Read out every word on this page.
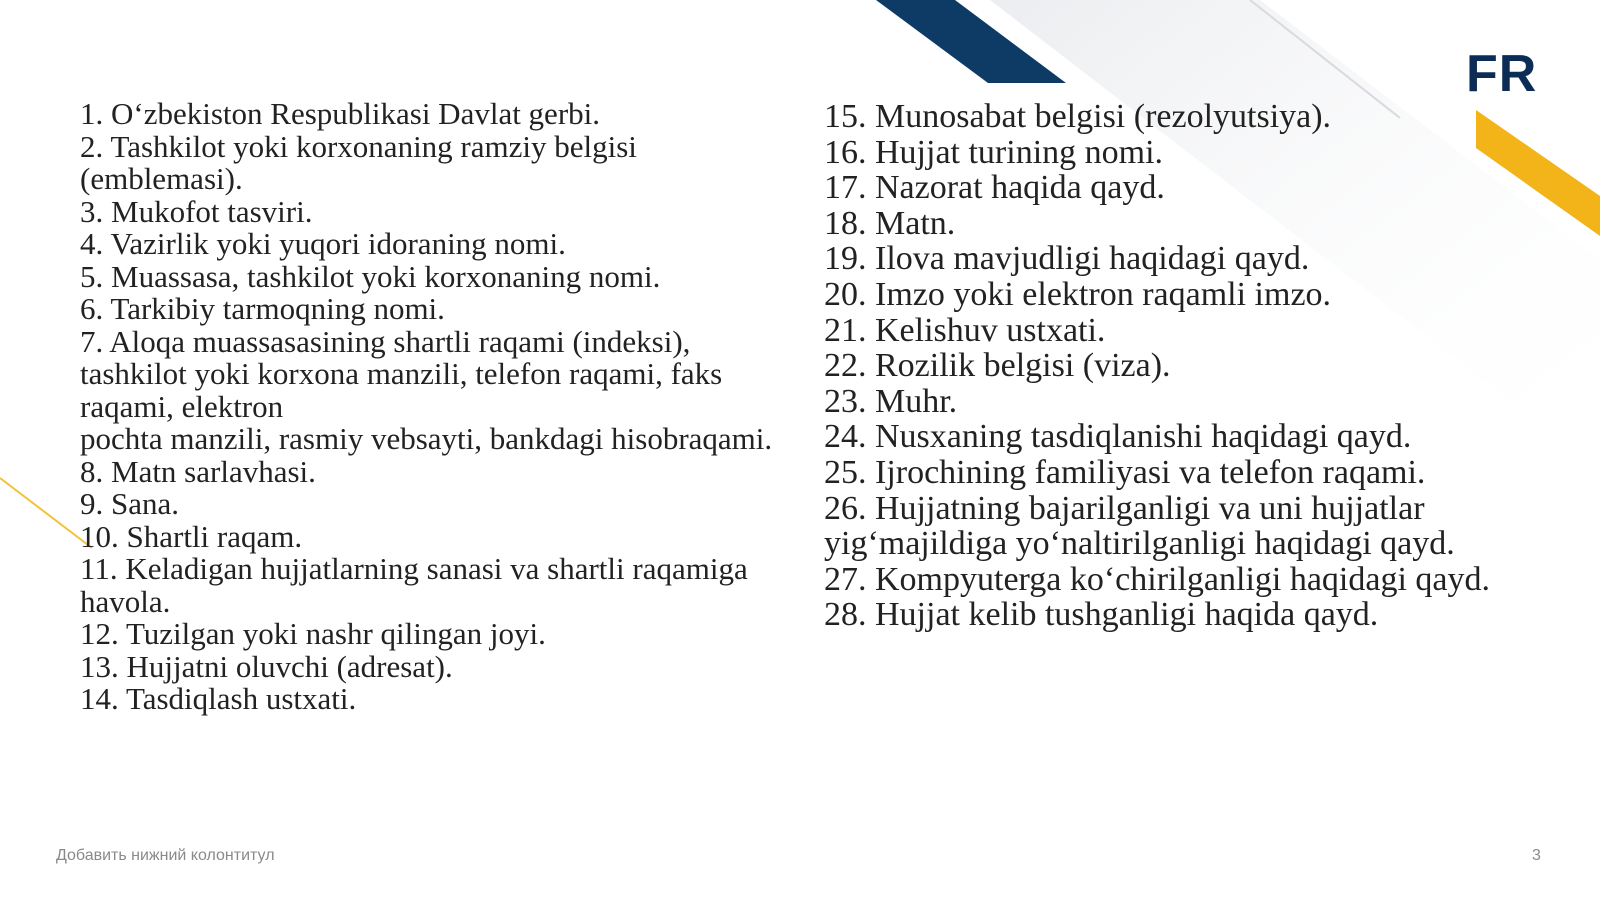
FR
1. O‘zbekiston Respublikasi Davlat gerbi.
2. Tashkilot yoki korxonaning ramziy belgisi (emblemasi).
3. Mukofot tasviri.
4. Vazirlik yoki yuqori idoraning nomi.
5. Muassasa, tashkilot yoki korxonaning nomi.
6. Tarkibiy tarmoqning nomi.
7. Aloqa muassasasining shartli raqami (indeksi), tashkilot yoki korxona manzili, telefon raqami, faks raqami, elektron
pochta manzili, rasmiy vebsayti, bankdagi hisobraqami.
8. Matn sarlavhasi.
9. Sana.
10. Shartli raqam.
11. Keladigan hujjatlarning sanasi va shartli raqamiga havola.
12. Tuzilgan yoki nashr qilingan joyi.
13. Hujjatni oluvchi (adresat).
14. Tasdiqlash ustxati.
15. Munosabat belgisi (rezolyutsiya).
16. Hujjat turining nomi.
17. Nazorat haqida qayd.
18. Matn.
19. Ilova mavjudligi haqidagi qayd.
20. Imzo yoki elektron raqamli imzo.
21. Kelishuv ustxati.
22. Rozilik belgisi (viza).
23. Muhr.
24. Nusxaning tasdiqlanishi haqidagi qayd.
25. Ijrochining familiyasi va telefon raqami.
26. Hujjatning bajarilganligi va uni hujjatlar yig‘majildiga yo‘naltirilganligi haqidagi qayd.
27. Kompyuterga ko‘chirilganligi haqidagi qayd.
28. Hujjat kelib tushganligi haqida qayd.
Добавить нижний колонтитул	3
